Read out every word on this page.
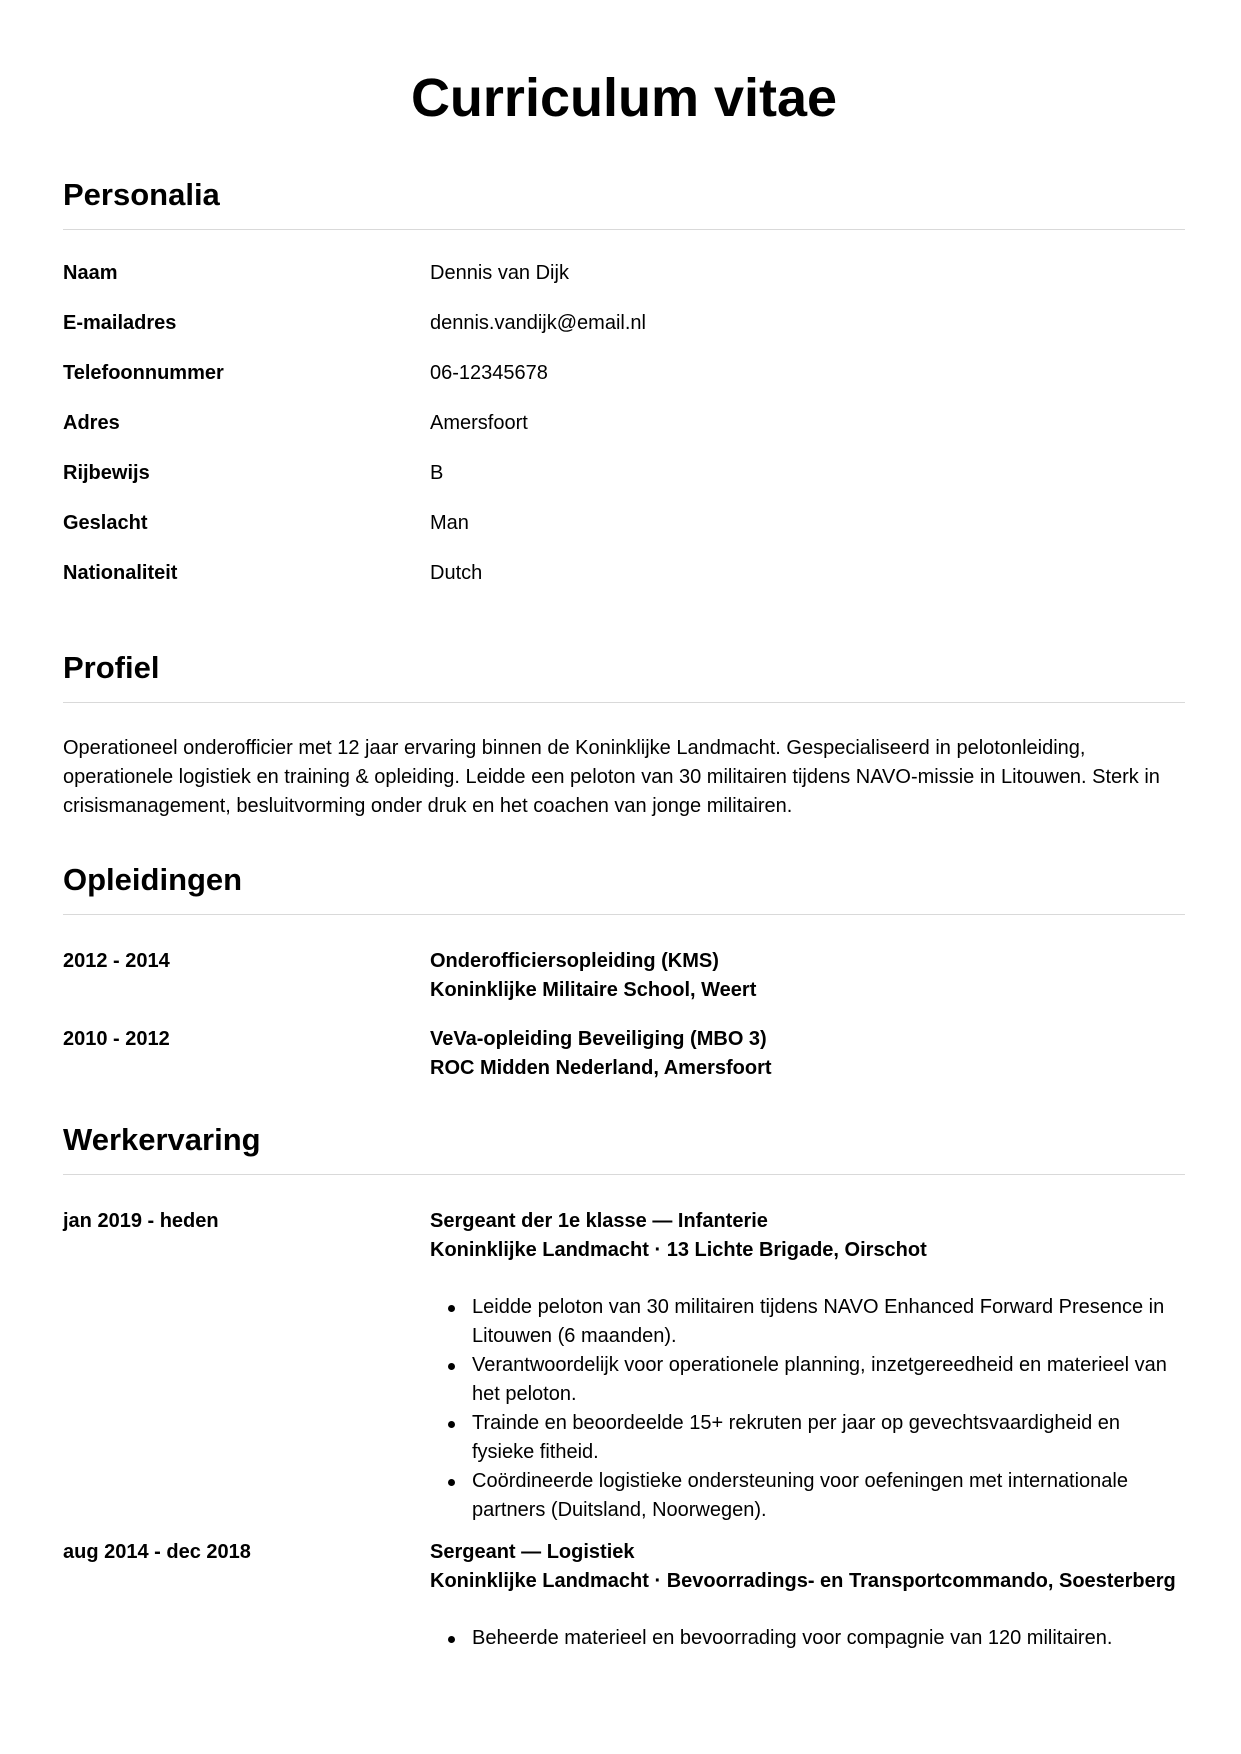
Curriculum vitae
Personalia
Naam	Dennis van Dijk
E-mailadres	dennis.vandijk@email.nl
Telefoonnummer	06-12345678
Adres	Amersfoort
Rijbewijs	B
Geslacht	Man
Nationaliteit	Dutch
Profiel

Operationeel onderofficier met 12 jaar ervaring binnen de Koninklijke Landmacht. Gespecialiseerd in pelotonleiding, operationele logistiek en training & opleiding. Leidde een peloton van 30 militairen tijdens NAVO-missie in Litouwen. Sterk in crisismanagement, besluitvorming onder druk en het coachen van jonge militairen.

Opleidingen
2012 - 2014	Onderofficiersopleiding (KMS)
Koninklijke Militaire School, Weert
2010 - 2012	VeVa-opleiding Beveiliging (MBO 3)
ROC Midden Nederland, Amersfoort
Werkervaring
jan 2019 - heden	Sergeant der 1e klasse — Infanterie
Koninklijke Landmacht · 13 Lichte Brigade, Oirschot
Leidde peloton van 30 militairen tijdens NAVO Enhanced Forward Presence in Litouwen (6 maanden).
Verantwoordelijk voor operationele planning, inzetgereedheid en materieel van het peloton.
Trainde en beoordeelde 15+ rekruten per jaar op gevechtsvaardigheid en fysieke fitheid.
Coördineerde logistieke ondersteuning voor oefeningen met internationale partners (Duitsland, Noorwegen).
aug 2014 - dec 2018	Sergeant — Logistiek
Koninklijke Landmacht · Bevoorradings- en Transportcommando, Soesterberg
Beheerde materieel en bevoorrading voor compagnie van 120 militairen.
